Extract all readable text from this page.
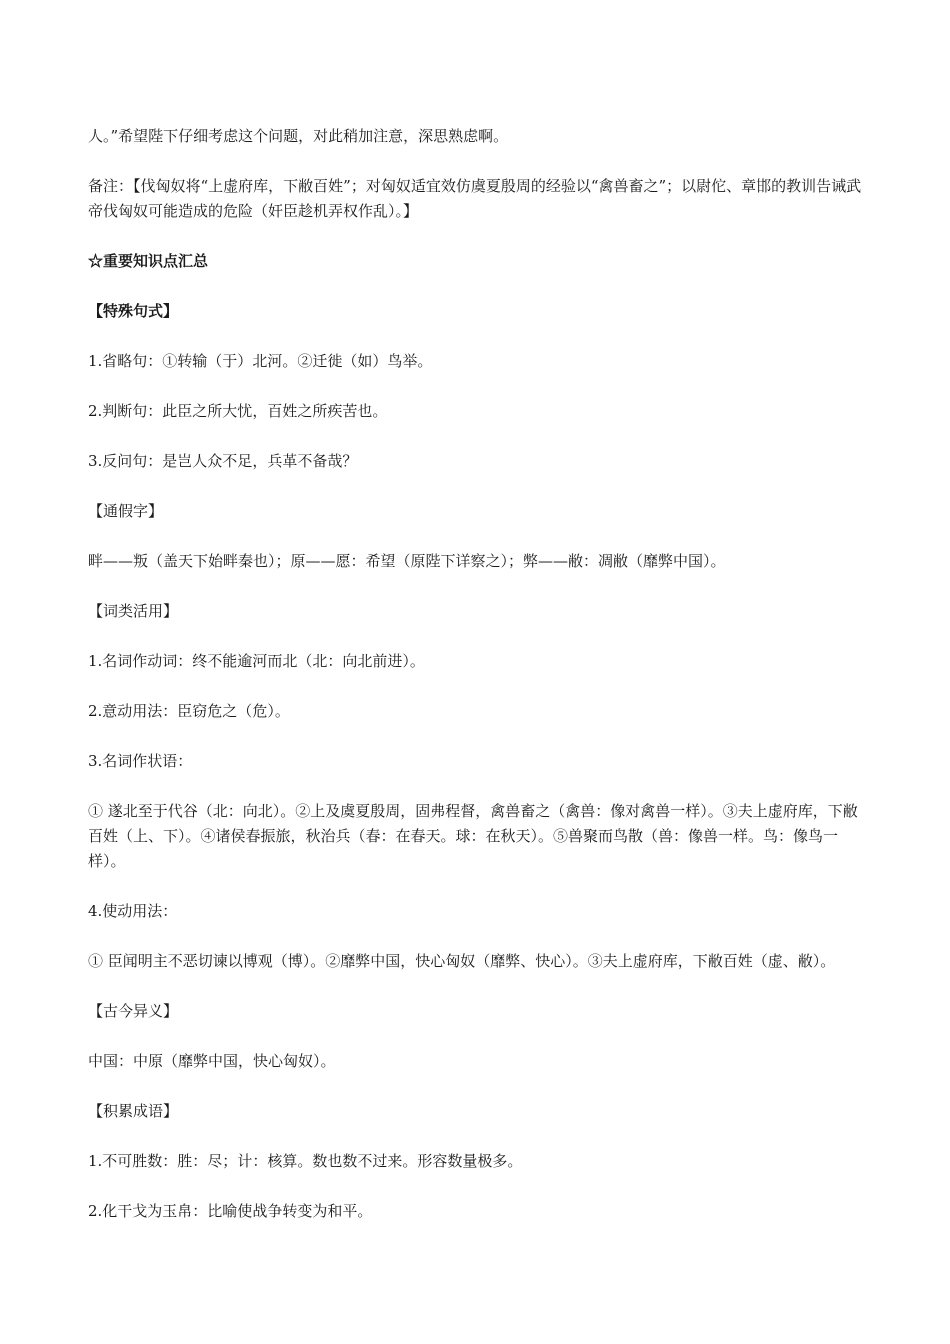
人。”希望陛下仔细考虑这个问题，对此稍加注意，深思熟虑啊。

备注：【伐匈奴将“上虚府库，下敝百姓”；对匈奴适宜效仿虞夏殷周的经验以“禽兽畜之”；以尉佗、章邯的教训告诫武帝伐匈奴可能造成的危险（奸臣趁机弄权作乱）。】

☆重要知识点汇总

【特殊句式】

1.省略句：①转输（于）北河。②迁徙（如）鸟举。

2.判断句：此臣之所大忧，百姓之所疾苦也。

3.反问句：是岂人众不足，兵革不备哉？

【通假字】

畔——叛（盖天下始畔秦也）；原——愿：希望（原陛下详察之）；弊——敝：凋敝（靡弊中国）。

【词类活用】

1.名词作动词：终不能逾河而北（北：向北前进）。

2.意动用法：臣窃危之（危）。

3.名词作状语：

① 遂北至于代谷（北：向北）。②上及虞夏殷周，固弗程督，禽兽畜之（禽兽：像对禽兽一样）。③夫上虚府库，下敝百姓（上、下）。④诸侯春振旅，秋治兵（春：在春天。球：在秋天）。⑤兽聚而鸟散（兽：像兽一样。鸟：像鸟一样）。

4.使动用法：

① 臣闻明主不恶切谏以博观（博）。②靡弊中国，快心匈奴（靡弊、快心）。③夫上虚府库，下敝百姓（虚、敝）。

【古今异义】

中国：中原（靡弊中国，快心匈奴）。

【积累成语】

1.不可胜数：胜：尽；计：核算。数也数不过来。形容数量极多。

2.化干戈为玉帛：比喻使战争转变为和平。
